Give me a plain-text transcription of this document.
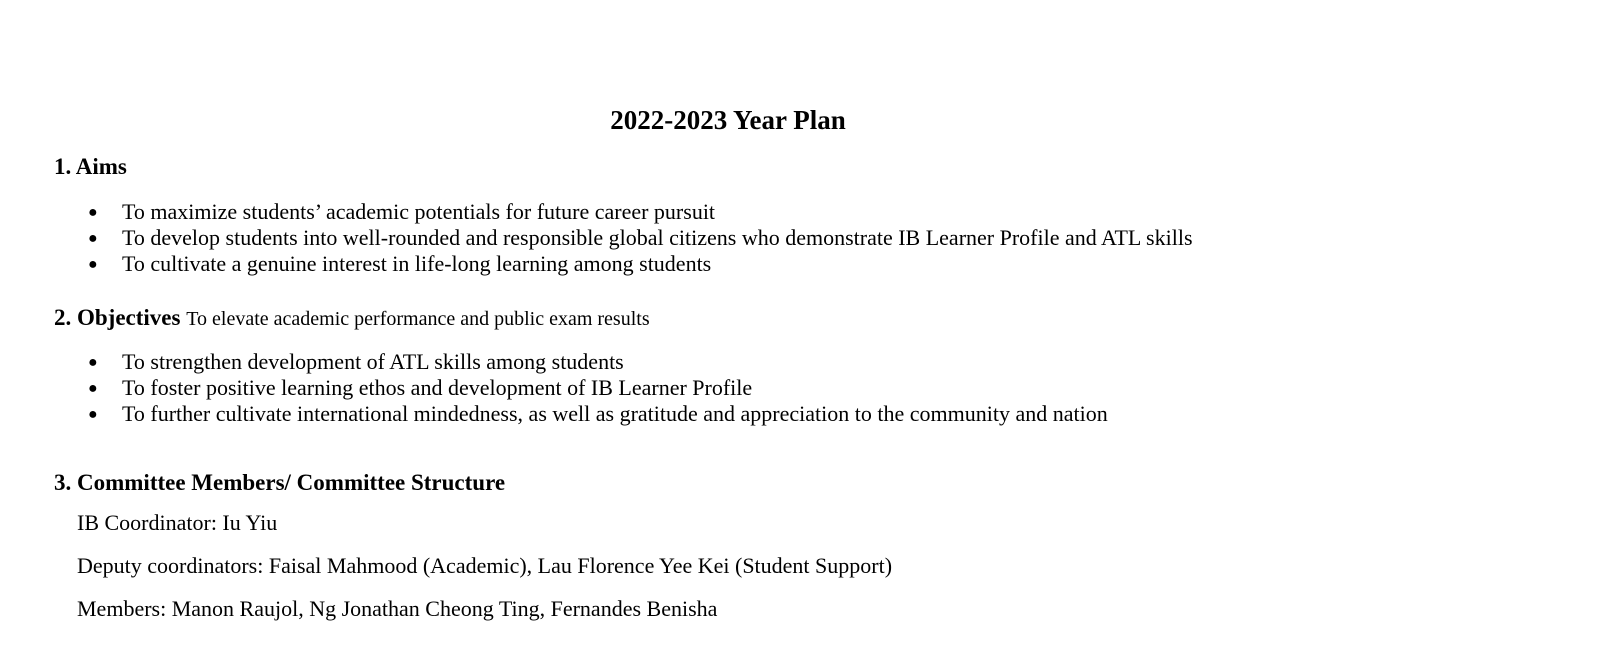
2022-2023 Year Plan
1. Aims
● To maximize students’ academic potentials for future career pursuit
● To develop students into well-rounded and responsible global citizens who demonstrate IB Learner Profile and ATL skills
● To cultivate a genuine interest in life-long learning among students
2. Objectives To elevate academic performance and public exam results
● To strengthen development of ATL skills among students
● To foster positive learning ethos and development of IB Learner Profile
● To further cultivate international mindedness, as well as gratitude and appreciation to the community and nation
3. Committee Members/ Committee Structure
IB Coordinator: Iu Yiu
Deputy coordinators: Faisal Mahmood (Academic), Lau Florence Yee Kei (Student Support)
Members: Manon Raujol, Ng Jonathan Cheong Ting, Fernandes Benisha
